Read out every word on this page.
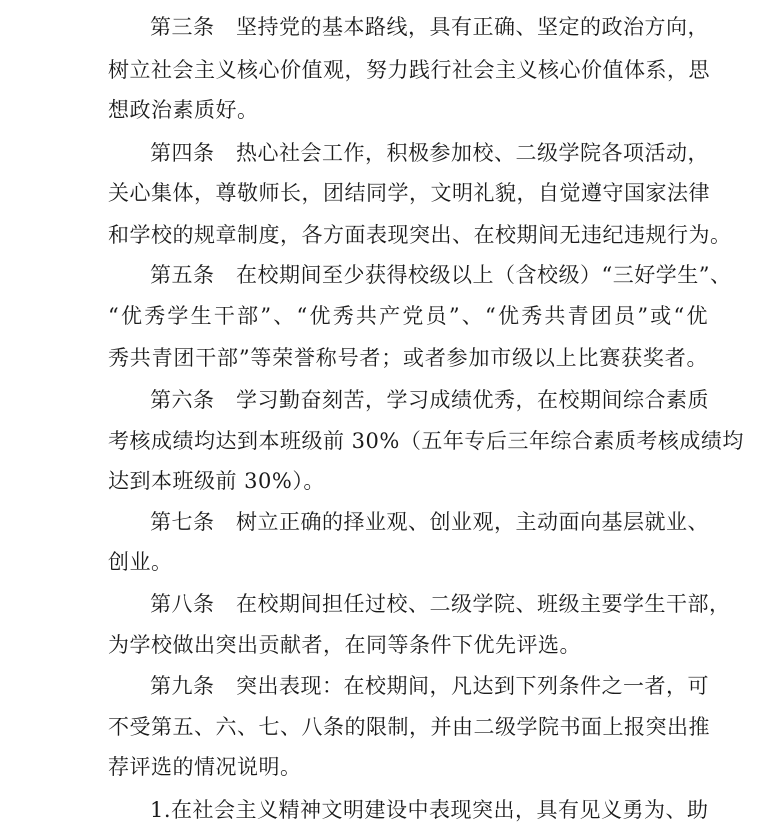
第三条　坚持党的基本路线，具有正确、坚定的政治方向，
树立社会主义核心价值观，努力践行社会主义核心价值体系，思
想政治素质好。
第四条　热心社会工作，积极参加校、二级学院各项活动，
关心集体，尊敬师长，团结同学，文明礼貌，自觉遵守国家法律
和学校的规章制度，各方面表现突出、在校期间无违纪违规行为。
第五条　在校期间至少获得校级以上（含校级）“三好学生”、
“优秀学生干部”、“优秀共产党员”、“优秀共青团员”或“优
秀共青团干部”等荣誉称号者；或者参加市级以上比赛获奖者。
第六条　学习勤奋刻苦，学习成绩优秀，在校期间综合素质
考核成绩均达到本班级前 30%（五年专后三年综合素质考核成绩均
达到本班级前 30%）。
第七条　树立正确的择业观、创业观，主动面向基层就业、
创业。
第八条　在校期间担任过校、二级学院、班级主要学生干部，
为学校做出突出贡献者，在同等条件下优先评选。
第九条　突出表现：在校期间，凡达到下列条件之一者，可
不受第五、六、七、八条的限制，并由二级学院书面上报突出推
荐评选的情况说明。
1.在社会主义精神文明建设中表现突出，具有见义勇为、助
